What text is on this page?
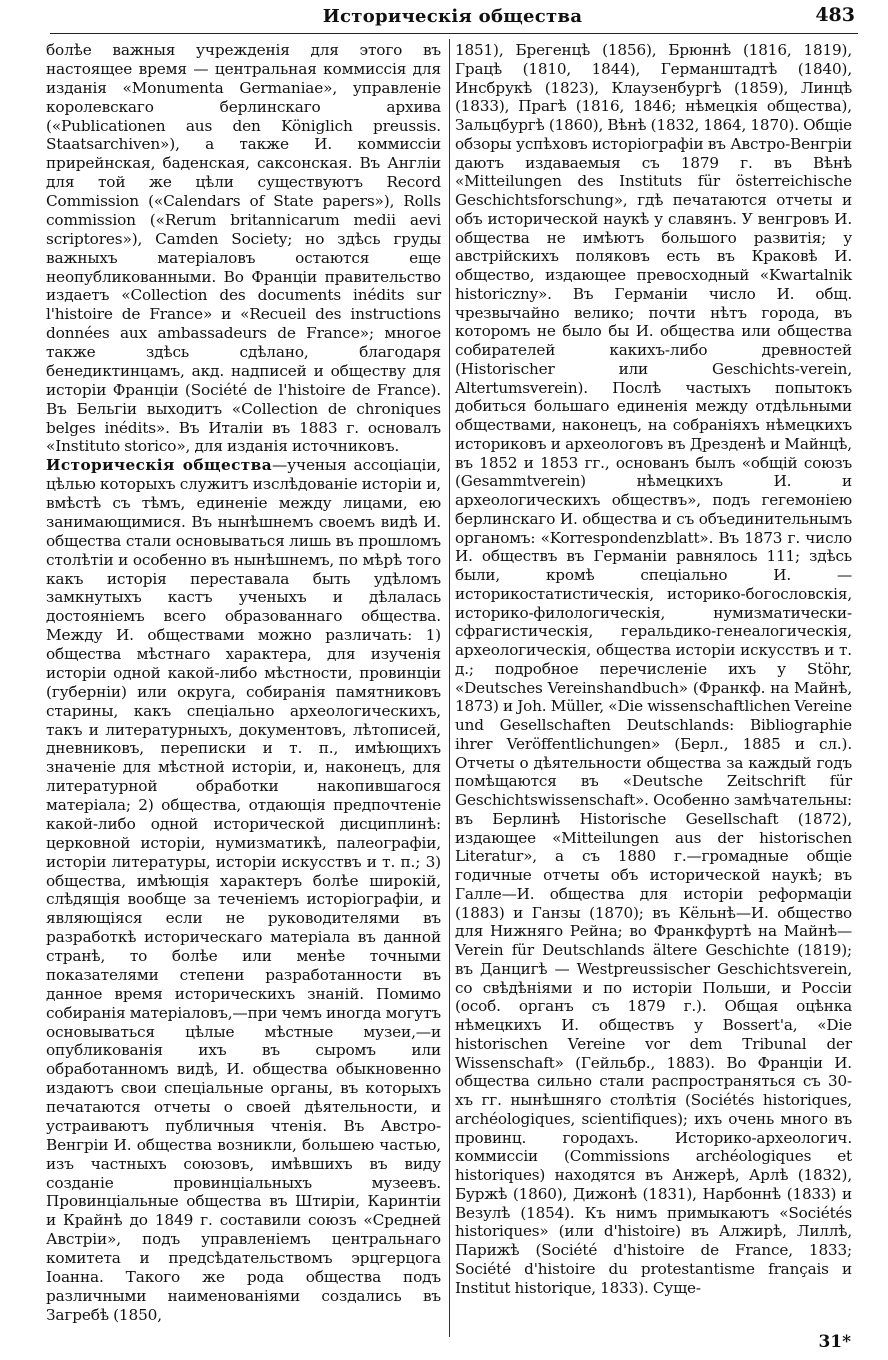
Историческія общества	483

болѣе важныя учрежденія для этого въ настоящее время — центральная коммиссія для изданія «Monumenta Germaniae», управленіе королевскаго берлинскаго архива («Publicationen aus den Königlich preussis. Staatsarchiven»), а также И. коммиссіи прирейнская, баденская, саксонская. Въ Англіи для той же цѣли существуютъ Record Commission («Calendars of State papers»), Rolls commission («Rerum britannicarum medii aevi scriptores»), Camden Society; но здѣсь груды важныхъ матеріаловъ остаются еще неопубликованными. Во Франціи правительство издаетъ «Collection des documents inédits sur l'histoire de France» и «Recueil des instructions données aux ambassadeurs de France»; многое также здѣсь сдѣлано, благодаря бенедиктинцамъ, акд. надписей и обществу для исторіи Франціи (Société de l'histoire de France). Въ Бельгіи выходитъ «Collection de chroniques belges inédits». Въ Италіи въ 1883 г. основалъ «Instituto storico», для изданія источниковъ.

Историческія общества—ученыя ассоціаціи, цѣлью которыхъ служитъ изслѣдованіе исторіи и, вмѣстѣ съ тѣмъ, единеніе между лицами, ею занимающимися. Въ нынѣшнемъ своемъ видѣ И. общества стали основываться лишь въ прошломъ столѣтіи и особенно въ нынѣшнемъ, по мѣрѣ того какъ исторія переставала быть удѣломъ замкнутыхъ кастъ ученыхъ и дѣлалась достояніемъ всего образованнаго общества. Между И. обществами можно различать: 1) общества мѣстнаго характера, для изученія исторіи одной какой-либо мѣстности, провинціи (губерніи) или округа, собиранія памятниковъ старины, какъ спеціально археологическихъ, такъ и литературныхъ, документовъ, лѣтописей, дневниковъ, переписки и т. п., имѣющихъ значеніе для мѣстной исторіи, и, наконецъ, для литературной обработки накопившагося матеріала; 2) общества, отдающія предпочтеніе какой-либо одной исторической дисциплинѣ: церковной исторіи, нумизматикѣ, палеографіи, исторіи литературы, исторіи искусствъ и т. п.; 3) общества, имѣющія характеръ болѣе широкій, слѣдящія вообще за теченіемъ исторіографіи, и являющіяся если не руководителями въ разработкѣ историческаго матеріала въ данной странѣ, то болѣе или менѣе точными показателями степени разработанности въ данное время историческихъ знаній. Помимо собиранія матеріаловъ,—при чемъ иногда могутъ основываться цѣлые мѣстные музеи,—и опубликованія ихъ въ сыромъ или обработанномъ видѣ, И. общества обыкновенно издаютъ свои спеціальные органы, въ которыхъ печатаются отчеты о своей дѣятельности, и устраиваютъ публичныя чтенія. Въ Австро-Венгріи И. общества возникли, большею частью, изъ частныхъ союзовъ, имѣвшихъ въ виду созданіе провинціальныхъ музеевъ. Провинціальные общества въ Штиріи, Каринтіи и Крайнѣ до 1849 г. составили союзъ «Средней Австріи», подъ управленіемъ центральнаго комитета и предсѣдательствомъ эрцгерцога Іоанна. Такого же рода общества подъ различными наименованіями создались въ Загребѣ (1850,

1851), Брегенцѣ (1856), Брюннѣ (1816, 1819), Грацѣ (1810, 1844), Германштадтѣ (1840), Инсбрукѣ (1823), Клаузенбургѣ (1859), Линцѣ (1833), Прагѣ (1816, 1846; нѣмецкія общества), Зальцбургѣ (1860), Вѣнѣ (1832, 1864, 1870). Общіе обзоры успѣховъ исторіографіи въ Австро-Венгріи даютъ издаваемыя съ 1879 г. въ Вѣнѣ «Mitteilungen des Instituts für österreichische Geschichtsforschung», гдѣ печатаются отчеты и объ исторической наукѣ у славянъ. У венгровъ И. общества не имѣютъ большого развитія; у австрійскихъ поляковъ есть въ Краковѣ И. общество, издающее превосходный «Kwartalnik historiczny». Въ Германіи число И. общ. чрезвычайно велико; почти нѣтъ города, въ которомъ не было бы И. общества или общества собирателей какихъ-либо древностей (Historischer или Geschichts-verein, Altertumsverein). Послѣ частыхъ попытокъ добиться большаго единенія между отдѣльными обществами, наконецъ, на собраніяхъ нѣмецкихъ историковъ и археологовъ въ Дрезденѣ и Майнцѣ, въ 1852 и 1853 гг., основанъ былъ «общій союзъ (Gesammtverein) нѣмецкихъ И. и археологическихъ обществъ», подъ гегемоніею берлинскаго И. общества и съ объединительнымъ органомъ: «Korrespondenzblatt». Въ 1873 г. число И. обществъ въ Германіи равнялось 111; здѣсь были, кромѣ спеціально И. — историкостатистическія, историко-богословскія, историко-филологическія, нумизматически-сфрагистическія, геральдико-генеалогическія, археологическія, общества исторіи искусствъ и т. д.; подробное перечисленіе ихъ у Stöhr, «Deutsches Vereinshandbuch» (Франкф. на Майнѣ, 1873) и Joh. Müller, «Die wissenschaftlichen Vereine und Gesellschaften Deutschlands: Bibliographie ihrer Veröffentlichungen» (Берл., 1885 и сл.). Отчеты о дѣятельности общества за каждый годъ помѣщаются въ «Deutsche Zeitschrift für Geschichtswissenschaft». Особенно замѣчательны: въ Берлинѣ Historische Gesellschaft (1872), издающее «Mitteilungen aus der historischen Literatur», а съ 1880 г.—громадные общіе годичные отчеты объ исторической наукѣ; въ Галле—И. общества для исторіи реформаціи (1883) и Ганзы (1870); въ Кёльнѣ—И. общество для Нижняго Рейна; во Франкфуртѣ на Майнѣ—Verein für Deutschlands ältere Geschichte (1819); въ Данцигѣ — Westpreussischer Geschichtsverein, со свѣдѣніями и по исторіи Польши, и Россіи (особ. органъ съ 1879 г.). Общая оцѣнка нѣмецкихъ И. обществъ у Bossert'a, «Die historischen Vereine vor dem Tribunal der Wissenschaft» (Гейльбр., 1883). Во Франціи И. общества сильно стали распространяться съ 30-хъ гг. нынѣшняго столѣтія (Sociétés historiques, archéologiques, scientifiques); ихъ очень много въ провинц. городахъ. Историко-археологич. коммиссіи (Commissions archéologiques et historiques) находятся въ Анжерѣ, Арлѣ (1832), Буржѣ (1860), Дижонѣ (1831), Нарбоннѣ (1833) и Везулѣ (1854). Къ нимъ примыкаютъ «Sociétés historiques» (или d'histoire) въ Алжирѣ, Лиллѣ, Парижѣ (Société d'histoire de France, 1833; Société d'histoire du protestantisme français и Institut historique, 1833). Суще-

31*
